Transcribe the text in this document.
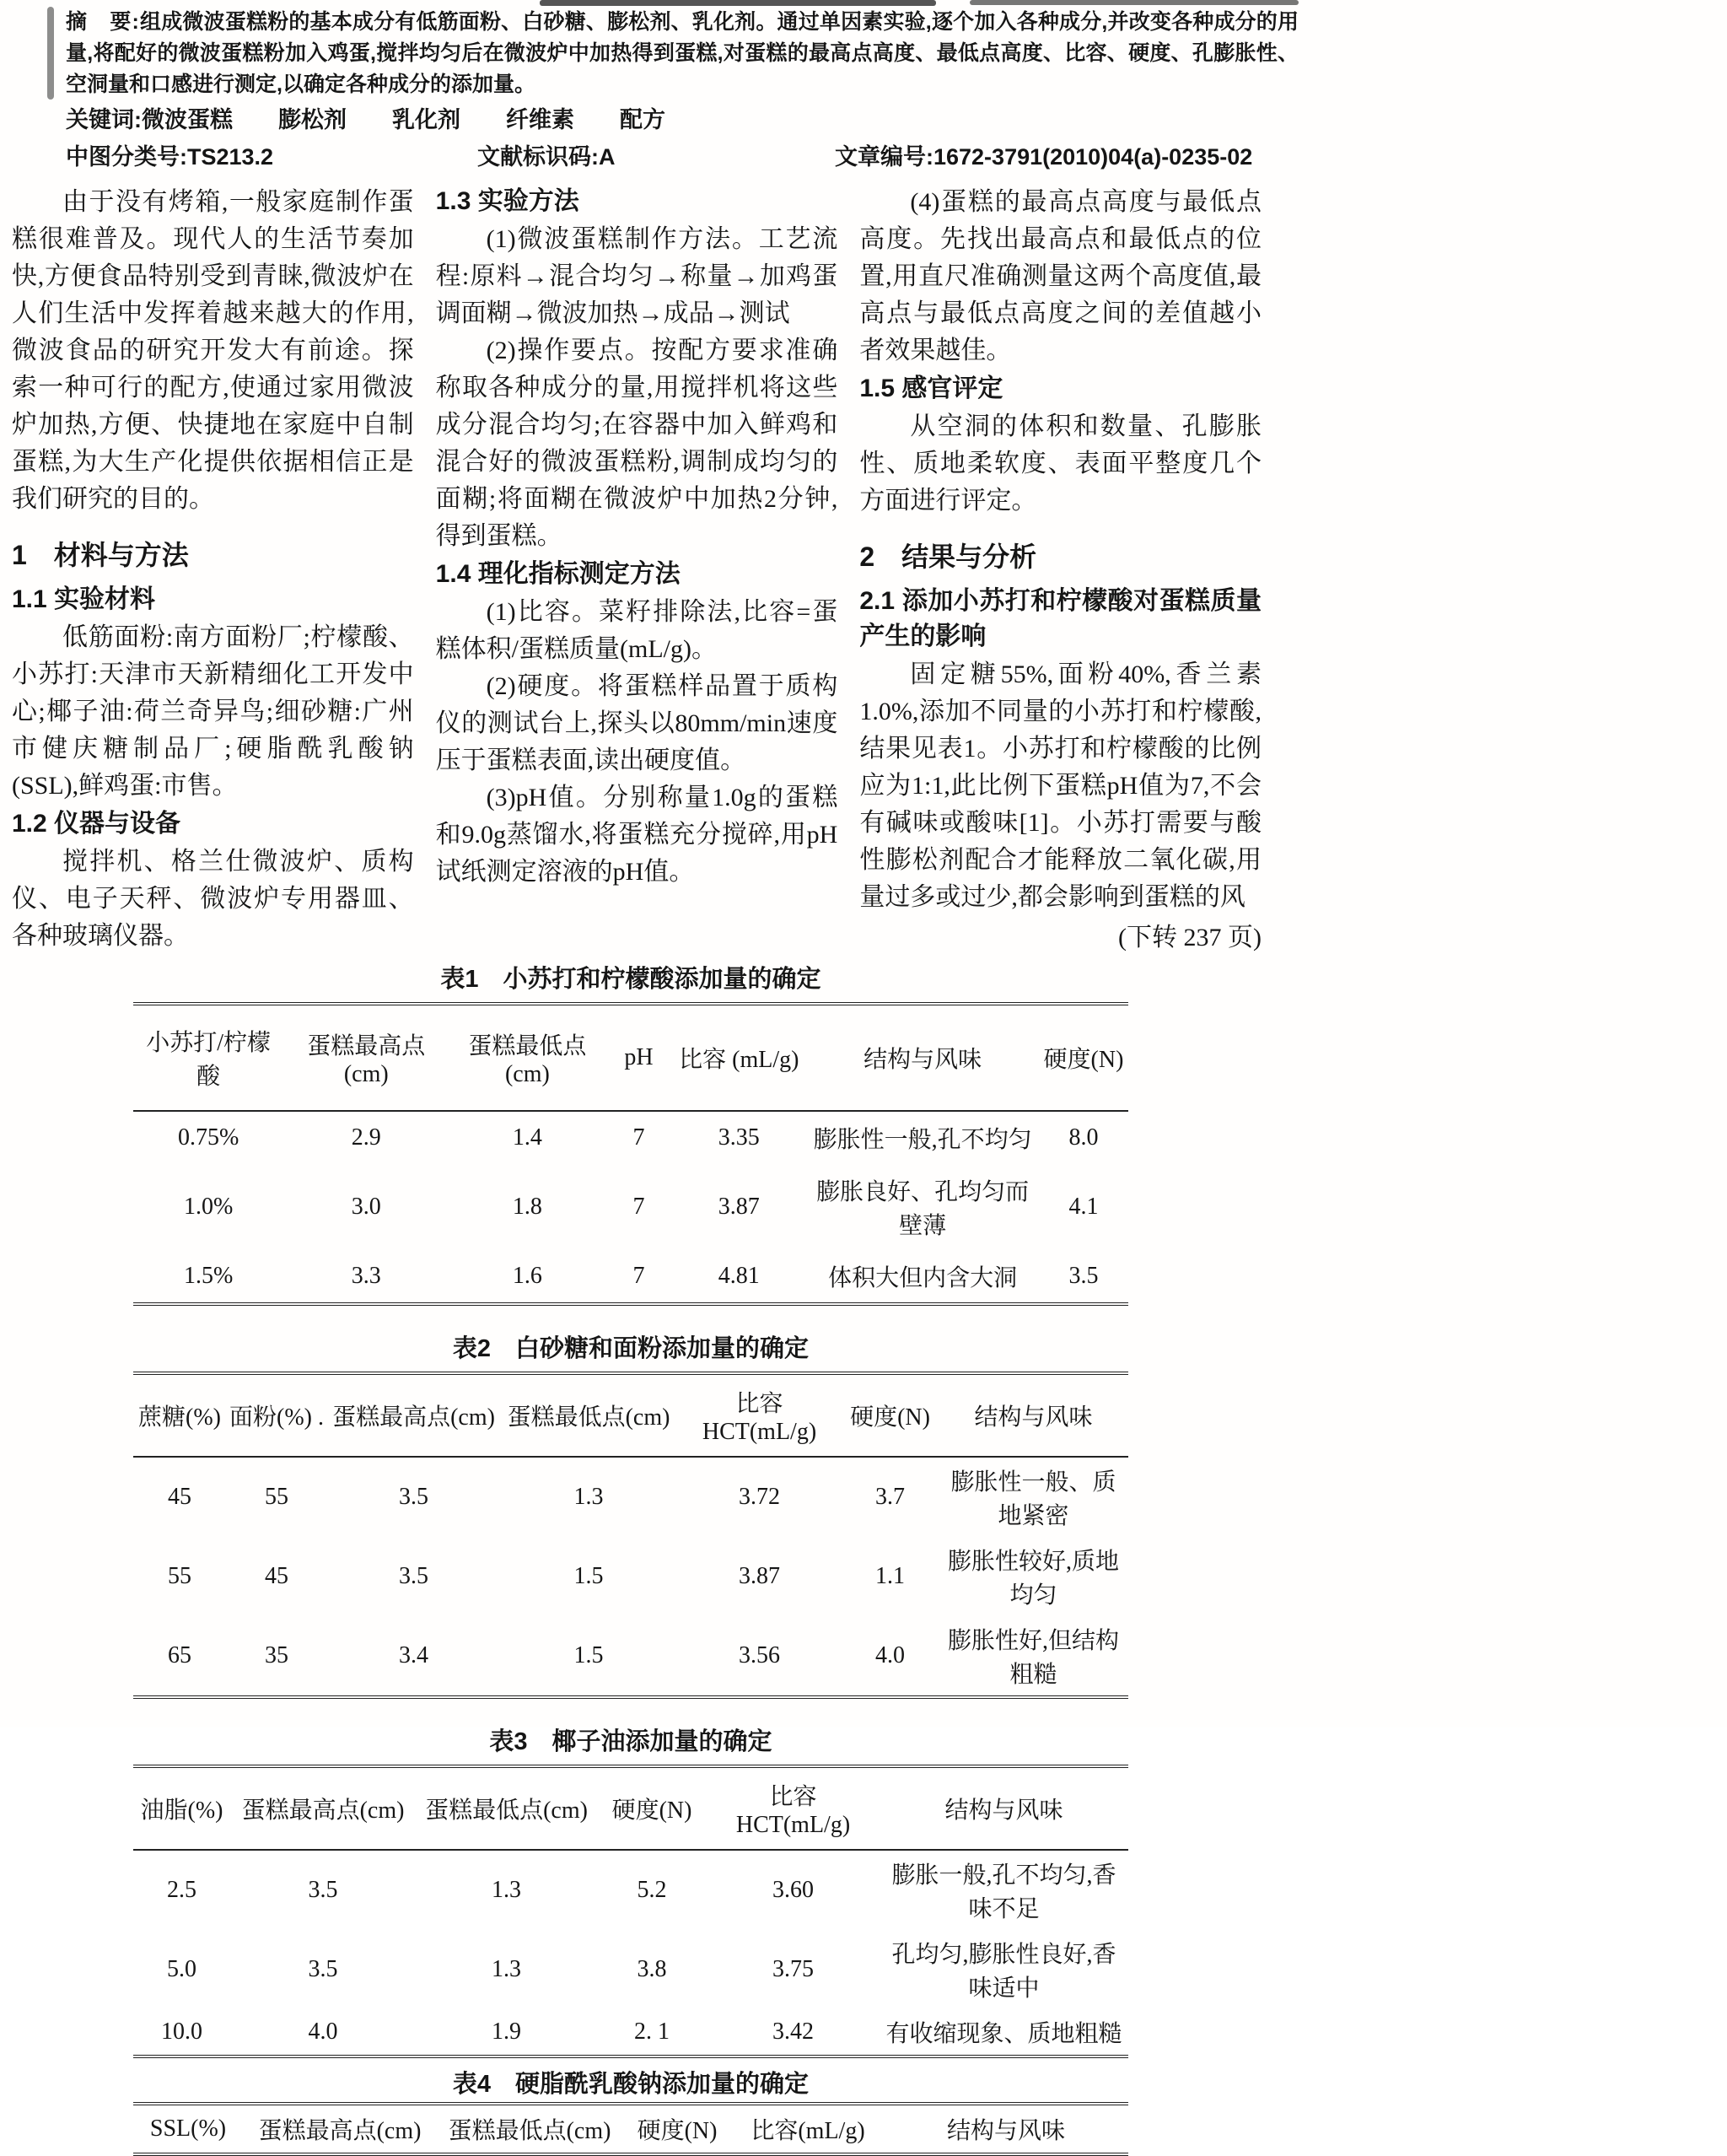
摘　要:组成微波蛋糕粉的基本成分有低筋面粉、白砂糖、膨松剂、乳化剂。通过单因素实验,逐个加入各种成分,并改变各种成分的用量,将配好的微波蛋糕粉加入鸡蛋,搅拌均匀后在微波炉中加热得到蛋糕,对蛋糕的最高点高度、最低点高度、比容、硬度、孔膨胀性、空洞量和口感进行测定,以确定各种成分的添加量。

关键词:微波蛋糕　　膨松剂　　乳化剂　　纤维素　　配方

中图分类号:TS213.2	文献标识码:A	文章编号:1672-3791(2010)04(a)-0235-02

由于没有烤箱,一般家庭制作蛋糕很难普及。现代人的生活节奏加快,方便食品特别受到青睐,微波炉在人们生活中发挥着越来越大的作用,微波食品的研究开发大有前途。探索一种可行的配方,使通过家用微波炉加热,方便、快捷地在家庭中自制蛋糕,为大生产化提供依据相信正是我们研究的目的。
1　材料与方法
1.1 实验材料
低筋面粉:南方面粉厂;柠檬酸、小苏打:天津市天新精细化工开发中心;椰子油:荷兰奇异鸟;细砂糖:广州市健庆糖制品厂;硬脂酰乳酸钠(SSL),鲜鸡蛋:市售。
1.2 仪器与设备
搅拌机、格兰仕微波炉、质构仪、电子天秤、微波炉专用器皿、各种玻璃仪器。
1.3 实验方法
(1)微波蛋糕制作方法。工艺流程:原料→混合均匀→称量→加鸡蛋调面糊→微波加热→成品→测试
(2)操作要点。按配方要求准确称取各种成分的量,用搅拌机将这些成分混合均匀;在容器中加入鲜鸡和混合好的微波蛋糕粉,调制成均匀的面糊;将面糊在微波炉中加热2分钟,得到蛋糕。
1.4 理化指标测定方法
(1)比容。菜籽排除法,比容=蛋糕体积/蛋糕质量(mL/g)。
(2)硬度。将蛋糕样品置于质构仪的测试台上,探头以80mm/min速度压于蛋糕表面,读出硬度值。
(3)pH值。分别称量1.0g的蛋糕和9.0g蒸馏水,将蛋糕充分搅碎,用pH试纸测定溶液的pH值。
(4)蛋糕的最高点高度与最低点高度。先找出最高点和最低点的位置,用直尺准确测量这两个高度值,最高点与最低点高度之间的差值越小者效果越佳。
1.5 感官评定
从空洞的体积和数量、孔膨胀性、质地柔软度、表面平整度几个方面进行评定。
2　结果与分析
2.1 添加小苏打和柠檬酸对蛋糕质量产生的影响
固定糖55%,面粉40%,香兰素1.0%,添加不同量的小苏打和柠檬酸,结果见表1。小苏打和柠檬酸的比例应为1:1,此比例下蛋糕pH值为7,不会有碱味或酸味[1]。小苏打需要与酸性膨松剂配合才能释放二氧化碳,用量过多或过少,都会影响到蛋糕的风
(下转 237 页)
表1　小苏打和柠檬酸添加量的确定
小苏打/柠檬酸	蛋糕最高点(cm)	蛋糕最低点(cm)	pH	比容 (mL/g)	结构与风味	硬度(N)
0.75%	2.9	1.4	7	3.35	膨胀性一般,孔不均匀	8.0
1.0%	3.0	1.8	7	3.87	膨胀良好、孔均匀而壁薄	4.1
1.5%	3.3	1.6	7	4.81	体积大但内含大洞	3.5
表2　白砂糖和面粉添加量的确定
蔗糖(%)	面粉(%) .	蛋糕最高点(cm)	蛋糕最低点(cm)	比容 HCT(mL/g)	硬度(N)	结构与风味
45	55	3.5	1.3	3.72	3.7	膨胀性一般、质地紧密
55	45	3.5	1.5	3.87	1.1	膨胀性较好,质地均匀
65	35	3.4	1.5	3.56	4.0	膨胀性好,但结构粗糙
表3　椰子油添加量的确定
油脂(%)	蛋糕最高点(cm)	蛋糕最低点(cm)	硬度(N)	比容 HCT(mL/g)	结构与风味
2.5	3.5	1.3	5.2	3.60	膨胀一般,孔不均匀,香味不足
5.0	3.5	1.3	3.8	3.75	孔均匀,膨胀性良好,香味适中
10.0	4.0	1.9	2. 1	3.42	有收缩现象、质地粗糙
表4　硬脂酰乳酸钠添加量的确定
SSL(%)	蛋糕最高点(cm)	蛋糕最低点(cm)	硬度(N)	比容(mL/g)	结构与风味
